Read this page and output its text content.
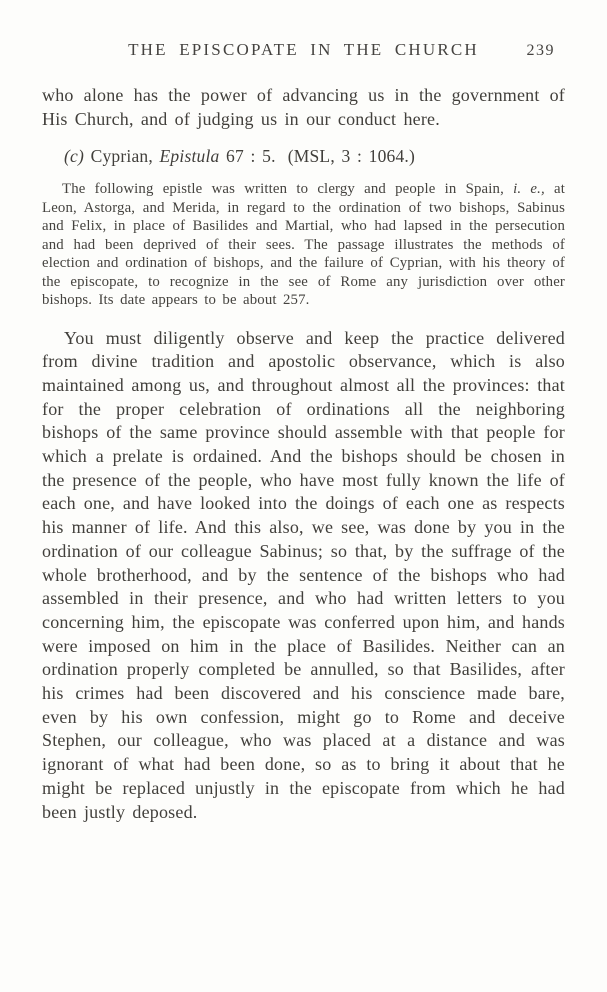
THE EPISCOPATE IN THE CHURCH	239

who alone has the power of advancing us in the government of His Church, and of judging us in our conduct here.

(c) Cyprian, Epistula 67 : 5. (MSL, 3 : 1064.)

The following epistle was written to clergy and people in Spain, i. e., at Leon, Astorga, and Merida, in regard to the ordination of two bishops, Sabinus and Felix, in place of Basilides and Martial, who had lapsed in the persecution and had been deprived of their sees. The passage illustrates the methods of election and ordination of bishops, and the failure of Cyprian, with his theory of the episcopate, to recognize in the see of Rome any jurisdiction over other bishops. Its date appears to be about 257.

You must diligently observe and keep the practice delivered from divine tradition and apostolic observance, which is also maintained among us, and throughout almost all the provinces: that for the proper celebration of ordinations all the neighboring bishops of the same province should assemble with that people for which a prelate is ordained. And the bishops should be chosen in the presence of the people, who have most fully known the life of each one, and have looked into the doings of each one as respects his manner of life. And this also, we see, was done by you in the ordination of our colleague Sabinus; so that, by the suffrage of the whole brotherhood, and by the sentence of the bishops who had assembled in their presence, and who had written letters to you concerning him, the episcopate was conferred upon him, and hands were imposed on him in the place of Basilides. Neither can an ordination properly completed be annulled, so that Basilides, after his crimes had been discovered and his conscience made bare, even by his own confession, might go to Rome and deceive Stephen, our colleague, who was placed at a distance and was ignorant of what had been done, so as to bring it about that he might be replaced unjustly in the episcopate from which he had been justly deposed.
